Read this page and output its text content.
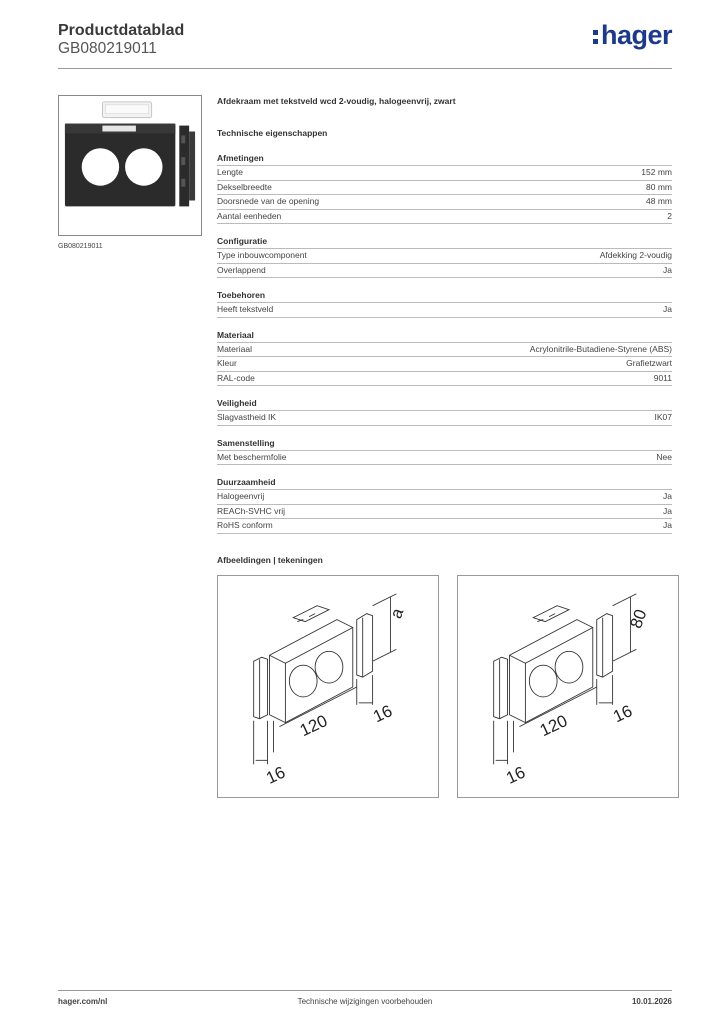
Productdatablad
GB080219011	hager
GB080219011
Afdekraam met tekstveld wcd 2-voudig, halogeenvrij, zwart
Technische eigenschappen
Afmetingen
Lengte	152 mm
Dekselbreedte	80 mm
Doorsnede van de opening	48 mm
Aantal eenheden	2
Configuratie
Type inbouwcomponent	Afdekking 2-voudig
Overlappend	Ja
Toebehoren
Heeft tekstveld	Ja
Materiaal
Materiaal	Acrylonitrile-Butadiene-Styrene (ABS)
Kleur	Grafietzwart
RAL-code	9011
Veiligheid
Slagvastheid IK	IK07
Samenstelling
Met beschermfolie	Nee
Duurzaamheid
Halogeenvrij	Ja
REACh-SVHC vrij	Ja
RoHS conform	Ja
Afbeeldingen | tekeningen
a
120 16
16
80
120 16
16
hager.com/nl	Technische wijzigingen voorbehouden	10.01.2026
